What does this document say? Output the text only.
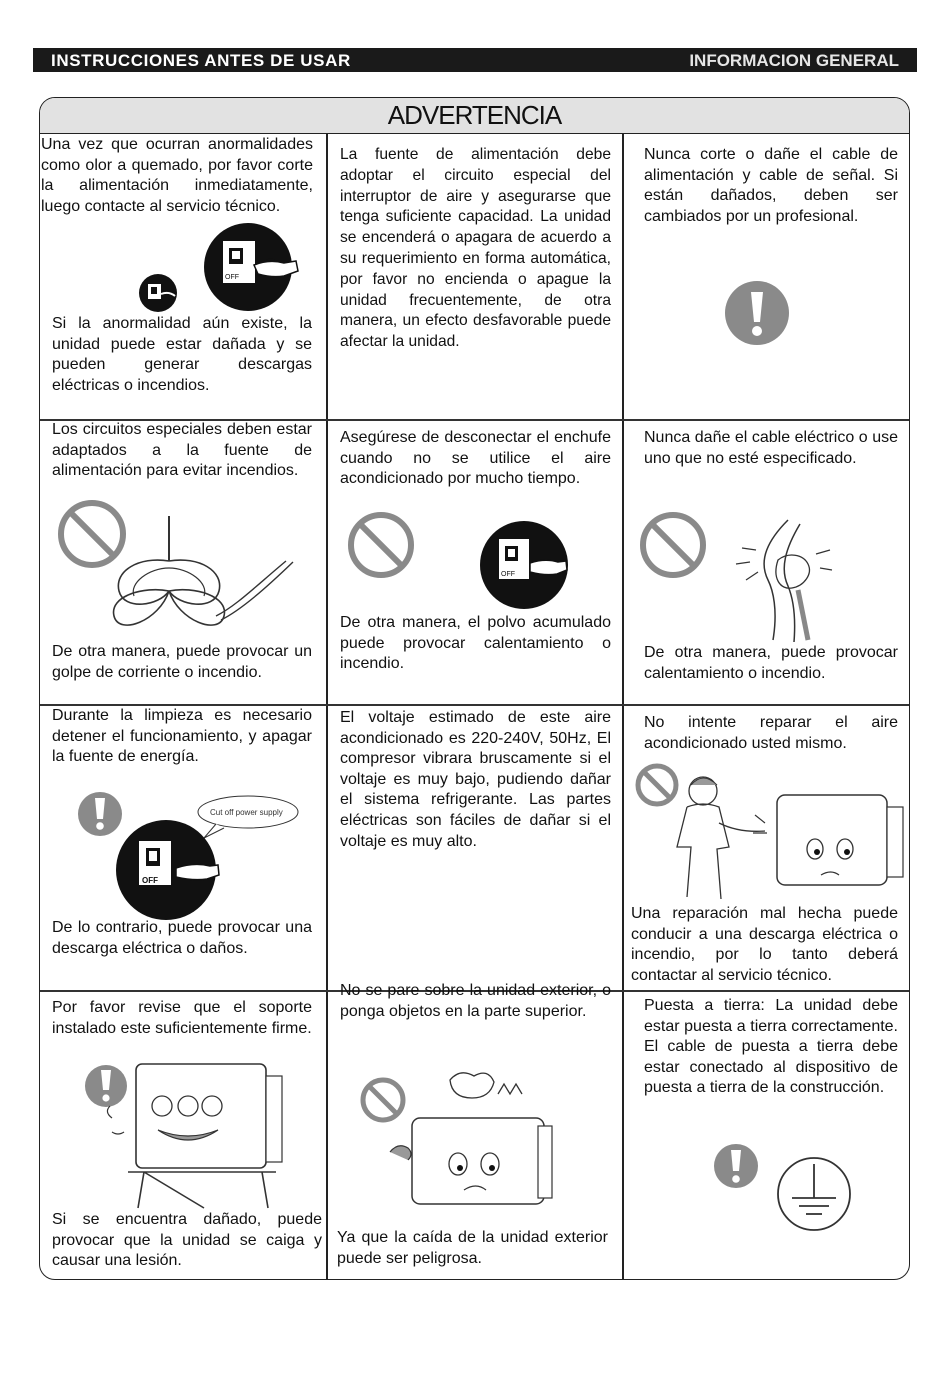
INSTRUCCIONES ANTES DE USAR	INFORMACION GENERAL
ADVERTENCIA
Una vez que ocurran anormalidades como olor a quemado, por favor corte la alimentación inmediatamente, luego contacte al servicio técnico.
OFF
Si la anormalidad aún existe, la unidad puede estar dañada y se pueden generar descargas eléctricas o incendios.
La fuente de alimentación debe adoptar el circuito especial del interruptor de aire y asegurarse que tenga suficiente capacidad. La unidad se encenderá o apagara de acuerdo a su requerimiento en forma automática, por favor no encienda o apague la unidad frecuentemente, de otra manera, un efecto desfavorable puede afectar la unidad.
Nunca corte o dañe el cable de alimentación y cable de señal. Si están dañados, deben ser cambiados por un profesional.
Los circuitos especiales deben estar adaptados a la fuente de alimentación para evitar incendios.
De otra manera, puede provocar un golpe de corriente o incendio.
Asegúrese de desconectar el enchufe cuando no se utilice el aire acondicionado por mucho tiempo.
OFF
De otra manera, el polvo acumulado puede provocar calentamiento o incendio.
Nunca dañe el cable eléctrico o use uno que no esté especificado.
De otra manera, puede provocar calentamiento o incendio.
Durante la limpieza es necesario detener el funcionamiento, y apagar la fuente de energía.
Cut off power supply
OFF
De lo contrario, puede provocar una descarga eléctrica o daños.
El voltaje estimado de este aire acondicionado es 220-240V, 50Hz, El compresor vibrara bruscamente si el voltaje es muy bajo, pudiendo dañar el sistema refrigerante. Las partes eléctricas son fáciles de dañar si el voltaje es muy alto.
No intente reparar el aire acondicionado usted mismo.
Una reparación mal hecha puede conducir a una descarga eléctrica o incendio, por lo tanto deberá contactar al servicio técnico.
Por favor revise que el soporte instalado este suficientemente firme.
Si se encuentra dañado, puede provocar que la unidad se caiga y causar una lesión.
No se pare sobre la unidad exterior, o ponga objetos en la parte superior.
Ya que la caída de la unidad exterior puede ser peligrosa.
Puesta a tierra: La unidad debe estar puesta a tierra correctamente. El cable de puesta a tierra debe estar conectado al dispositivo de puesta a tierra de la construcción.
